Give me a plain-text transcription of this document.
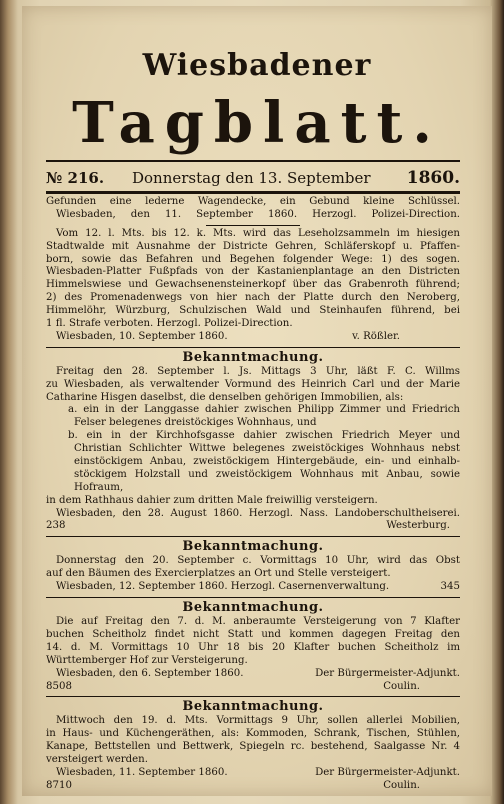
Wiesbadener
Tagblatt.
№ 216. Donnerstag den 13. September 1860.
Gefunden eine lederne Wagendecke, ein Gebund kleine Schlüssel.
Wiesbaden, den 11. September 1860. Herzogl. Polizei-Direction.
Vom 12. l. Mts. bis 12. k. Mts. wird das Leseholzsammeln im hiesigen
Stadtwalde mit Ausnahme der Districte Gehren, Schläferskopf u. Pfaffen-
born, sowie das Befahren und Begehen folgender Wege: 1) des sogen.
Wiesbaden-Platter Fußpfads von der Kastanienplantage an den Districten
Himmelswiese und Gewachsenensteinerkopf über das Grabenroth führend;
2) des Promenadenwegs von hier nach der Platte durch den Neroberg,
Himmelöhr, Würzburg, Schulzischen Wald und Steinhaufen führend, bei
1 fl. Strafe verboten. Herzogl. Polizei-Direction.
Wiesbaden, 10. September 1860.	v. Rößler.
Bekanntmachung.
Freitag den 28. September l. Js. Mittags 3 Uhr, läßt F. C. Willms
zu Wiesbaden, als verwaltender Vormund des Heinrich Carl und der Marie
Catharine Hisgen daselbst, die denselben gehörigen Immobilien, als:
a. ein in der Langgasse dahier zwischen Philipp Zimmer und Friedrich
Felser belegenes dreistöckiges Wohnhaus, und
b. ein in der Kirchhofsgasse dahier zwischen Friedrich Meyer und
Christian Schlichter Wittwe belegenes zweistöckiges Wohnhaus nebst
einstöckigem Anbau, zweistöckigem Hintergebäude, ein- und einhalb-
stöckigem Holzstall und zweistöckigem Wohnhaus mit Anbau, sowie
Hofraum,
in dem Rathhaus dahier zum dritten Male freiwillig versteigern.
Wiesbaden, den 28. August 1860. Herzogl. Nass. Landoberschultheiserei.
238	Westerburg.
Bekanntmachung.
Donnerstag den 20. September c. Vormittags 10 Uhr, wird das Obst
auf den Bäumen des Exercierplatzes an Ort und Stelle versteigert.
Wiesbaden, 12. September 1860. Herzogl. Casernenverwaltung.	345
Bekanntmachung.
Die auf Freitag den 7. d. M. anberaumte Versteigerung von 7 Klafter
buchen Scheitholz findet nicht Statt und kommen dagegen Freitag den
14. d. M. Vormittags 10 Uhr 18 bis 20 Klafter buchen Scheitholz im
Württemberger Hof zur Versteigerung.
Wiesbaden, den 6. September 1860.	Der Bürgermeister-Adjunkt.
8508	Coulin.
Bekanntmachung.
Mittwoch den 19. d. Mts. Vormittags 9 Uhr, sollen allerlei Mobilien,
in Haus- und Küchengeräthen, als: Kommoden, Schrank, Tischen, Stühlen,
Kanape, Bettstellen und Bettwerk, Spiegeln rc. bestehend, Saalgasse Nr. 4
versteigert werden.
Wiesbaden, 11. September 1860.	Der Bürgermeister-Adjunkt.
8710	Coulin.
